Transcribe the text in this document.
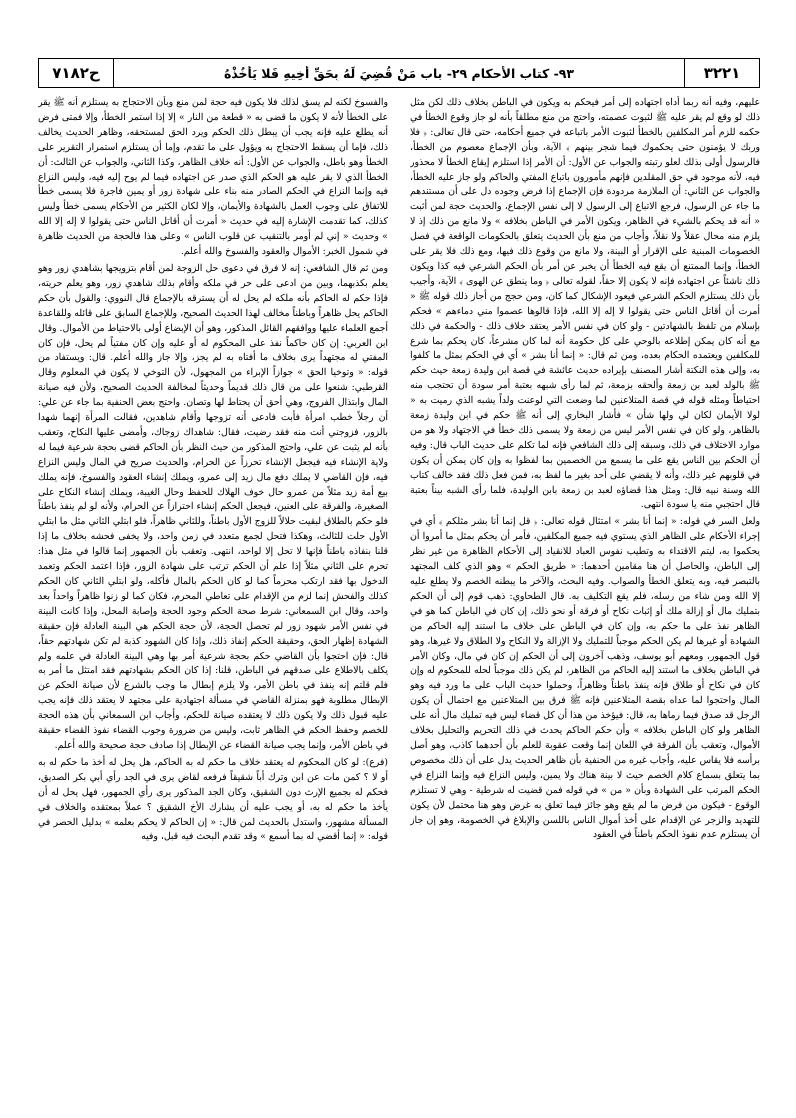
٣٢٢١
٩٣- كتاب الأحكام ٢٩- باب مَنْ قُضِيَ لَهُ بِحَقِّ أَخِيهِ فَلا يَأْخُذْهُ
ح٧١٨٢

عليهم، وفيه أنه ربما أداه اجتهاده إلى أمر فيحكم به ويكون في الباطن بخلاف ذلك لكن مثل ذلك لو وقع لم يقر عليه ﷺ لثبوت عصمته، واحتج من منع مطلقاً بأنه لو جاز وقوع الخطأ في حكمه للزم أمر المكلفين بالخطأ لثبوت الأمر باتباعه في جميع أحكامه، حتى قال تعالى: ﴿ فلا وربك لا يؤمنون حتى يحكموك فيما شجر بينهم ﴾ الآية، وبأن الإجماع معصوم من الخطأ، فالرسول أولى بذلك لعلو رتبته والجواب عن الأول: أن الأمر إذا استلزم إيقاع الخطأ لا محذور فيه، لأنه موجود في حق المقلدين فإنهم مأمورون باتباع المفتي والحاكم ولو جاز عليه الخطأ، والجواب عن الثاني: أن الملازمة مردودة فإن الإجماع إذا فرض وجوده دل على أن مستندهم ما جاء عن الرسول، فرجع الاتباع إلى الرسول لا إلى نفس الإجماع، والحديث حجة لمن أثبت « أنه قد يحكم بالشيء في الظاهر، ويكون الأمر في الباطن بخلافه » ولا مانع من ذلك إذ لا يلزم منه محال عقلاً ولا نقلاً، وأجاب من منع بأن الحديث يتعلق بالحكومات الواقعة في فصل الخصومات المبنية على الإقرار أو البينة، ولا مانع من وقوع ذلك فيها، ومع ذلك فلا يقر على الخطأ، وإنما الممتنع أن يقع فيه الخطأ أن يخبر عن أمر بأن الحكم الشرعي فيه كذا ويكون ذلك ناشئاً عن اجتهاده فإنه لا يكون إلا حقاً، لقوله تعالى ﴿ وما ينطق عن الهوى ﴾ الآية، وأجيب بأن ذلك يستلزم الحكم الشرعي فيعود الإشكال كما كان، ومن حجج من أجاز ذلك قوله ﷺ « أمرت أن أقاتل الناس حتى يقولوا لا إله إلا الله، فإذا قالوها عصموا مني دماءهم » فحكم بإسلام من تلفظ بالشهادتين - ولو كان في نفس الأمر يعتقد خلاف ذلك - والحكمة في ذلك مع أنه كان يمكن إطلاعه بالوحي على كل حكومة أنه لما كان مشرعاً، كان يحكم بما شرع للمكلفين ويعتمده الحكام بعده، ومن ثم قال: « إنما أنا بشر » أي في الحكم بمثل ما كلفوا به، وإلى هذه النكتة أشار المصنف بإيراده حديث عائشة في قصة ابن وليدة زمعة حيث حكم ﷺ بالولد لعبد بن زمعة وألحقه بزمعة، ثم لما رأى شبهه بعتبة أمر سودة أن تحتجب منه احتياطاً ومثله قوله في قصة المتلاعنين لما وضعت التي لوعنت ولداً يشبه الذي رميت به « لولا الأيمان لكان لي ولها شأن » فأشار البخاري إلى أنه ﷺ حكم في ابن وليدة زمعة بالظاهر، ولو كان في نفس الأمر ليس من زمعة ولا يسمى ذلك خطأ في الاجتهاد ولا هو من موارد الاختلاف في ذلك، وسبقه إلى ذلك الشافعي فإنه لما تكلم على حديث الباب قال: وفيه أن الحكم بين الناس يقع على ما يسمع من الخصمين بما لفظوا به وإن كان يمكن أن يكون في قلوبهم غير ذلك، وأنه لا يقضي على أحد بغير ما لفظ به، فمن فعل ذلك فقد خالف كتاب الله وسنة نبيه قال: ومثل هذا قضاؤه لعبد بن زمعة بابن الوليدة، فلما رأى الشبه بيناً بعتبة قال احتجبي منه يا سودة انتهى.

ولعل السر في قوله: « إنما أنا بشر » امتثال قوله تعالى: ﴿ قل إنما أنا بشر مثلكم ﴾ أي في إجراء الأحكام على الظاهر الذي يستوي فيه جميع المكلفين، فأمر أن يحكم بمثل ما أمروا أن يحكموا به، ليتم الاقتداء به وتطيب نفوس العباد للانقياد إلى الأحكام الظاهرة من غير نظر إلى الباطن، والحاصل أن هنا مقامين أحدهما: « طريق الحكم » وهو الذي كلف المجتهد بالتبصر فيه، وبه يتعلق الخطأ والصواب. وفيه البحث، والآخر ما يبطنه الخصم ولا يطلع عليه إلا الله ومن شاء من رسله، فلم يقع التكليف به. قال الطحاوي: ذهب قوم إلى أن الحكم بتمليك مال أو إزالة ملك أو إثبات نكاح أو فرقة أو نحو ذلك، إن كان في الباطن كما هو في الظاهر نفذ على ما حكم به، وإن كان في الباطن على خلاف ما استند إليه الحاكم من الشهادة أو غيرها لم يكن الحكم موجباً للتمليك ولا الإزالة ولا النكاح ولا الطلاق ولا غيرها، وهو قول الجمهور، ومعهم أبو يوسف، وذهب آخرون إلى أن الحكم إن كان في مال، وكان الأمر في الباطن بخلاف ما استند إليه الحاكم من الظاهر، لم يكن ذلك موجباً لحله للمحكوم له وإن كان في نكاح أو طلاق فإنه ينفذ باطناً وظاهراً، وحملوا حديث الباب على ما ورد فيه وهو المال واحتجوا لما عداه بقصة المتلاعنين فإنه ﷺ فرق بين المتلاعنين مع احتمال أن يكون الرجل قد صدق فيما رماها به، قال: فيؤخذ من هذا أن كل قضاء ليس فيه تمليك مال أنه على الظاهر ولو كان الباطن بخلافه » وأن حكم الحاكم يحدث في ذلك التحريم والتحليل بخلاف الأموال، وتعقب بأن الفرقة في اللعان إنما وقعت عقوبة للعلم بأن أحدهما كاذب، وهو أصل برأسه فلا يقاس عليه، وأجاب غيره من الحنفية بأن ظاهر الحديث يدل على أن ذلك مخصوص بما يتعلق بسماع كلام الخصم حيث لا بينة هناك ولا يمين، وليس النزاع فيه وإنما النزاع في الحكم المرتب على الشهادة وبأن « من » في قوله فمن قضيت له شرطية - وهي لا تستلزم الوقوع - فيكون من فرض ما لم يقع وهو جائز فيما تعلق به غرض وهو هنا محتمل لأن يكون للتهديد والزجر عن الإقدام على أخذ أموال الناس باللسن والإبلاغ في الخصومة، وهو إن جاز أن يستلزم عدم نفوذ الحكم باطناً في العقود

والفسوخ لكنه لم يسق لذلك فلا يكون فيه حجة لمن منع وبأن الاحتجاج به يستلزم أنه ﷺ يقر على الخطأ لأنه لا يكون ما قضى به « قطعة من النار » إلا إذا استمر الخطأ، وإلا فمتى فرض أنه يطلع عليه فإنه يجب أن يبطل ذلك الحكم ويرد الحق لمستحقه، وظاهر الحديث يخالف ذلك، فإما أن يسقط الاحتجاج به ويؤول على ما تقدم، وإما أن يستلزم استمرار التقرير على الخطأ وهو باطل، والجواب عن الأول: أنه خلاف الظاهر، وكذا الثاني، والجواب عن الثالث: أن الخطأ الذي لا يقر عليه هو الحكم الذي صدر عن اجتهاده فيما لم يوح إليه فيه، وليس النزاع فيه وإنما النزاع في الحكم الصادر منه بناء على شهادة زور أو يمين فاجرة فلا يسمى خطأ للاتفاق على وجوب العمل بالشهادة والأيمان، وإلا لكان الكثير من الأحكام يسمى خطأ وليس كذلك، كما تقدمت الإشارة إليه في حديث « أمرت أن أقاتل الناس حتى يقولوا لا إله إلا الله » وحديث « إني لم أومر بالتنقيب عن قلوب الناس » وعلى هذا فالحجة من الحديث ظاهرة في شمول الخبر: الأموال والعقود والفسوخ والله أعلم.

ومن ثم قال الشافعي: إنه لا فرق في دعوى حل الزوجة لمن أقام بتزويجها بشاهدي زور وهو يعلم بكذبهما، وبين من ادعى على حر في ملكه وأقام بذلك شاهدي زور، وهو يعلم حريته، فإذا حكم له الحاكم بأنه ملكه لم يحل له أن يسترقه بالإجماع قال النووي: والقول بأن حكم الحاكم يحل ظاهراً وباطناً مخالف لهذا الحديث الصحيح، وللإجماع السابق على قائله وللقاعدة أجمع العلماء عليها ووافقهم القائل المذكور، وهو أن الإبضاع أولى بالاحتياط من الأموال. وقال ابن العربي: إن كان حاكماً نفذ على المحكوم له أو عليه وإن كان مفتياً لم يحل، فإن كان المفتي له مجتهداً يرى بخلاف ما أفتاه به لم يجز، وإلا جاز والله أعلم. قال: ويستفاد من قوله: « وتوخيا الحق » جوازاً الإبراء من المجهول، لأن التوخي لا يكون في المعلوم وقال القرطبي: شنعوا على من قال ذلك قديماً وحديثاً لمخالفة الحديث الصحيح، ولأن فيه صيانة المال وابتذال الفروج، وهي أحق أن يحتاط لها وتصان. واحتج بعض الحنفية بما جاء عن علي: أن رجلاً خطب امرأة فأبت فادعى أنه تزوجها وأقام شاهدين، فقالت المرأة إنهما شهدا بالزور، فزوجني أنت منه فقد رضيت، فقال: شاهداك زوجاك، وأمضى عليها النكاح، وتعقب بأنه لم يثبت عن علي، واحتج المذكور من حيث النظر بأن الحاكم قضى بحجة شرعية فيما له ولاية الإنشاء فيه فيجعل الإنشاء تحرزاً عن الحرام، والحديث صريح في المال وليس النزاع فيه، فإن القاضي لا يملك دفع مال زيد إلى عمرو، ويملك إنشاء العقود والفسوخ، فإنه يملك بيع أمة زيد مثلاً من عمرو حال خوف الهلاك للحفظ وحال الغيبة، ويملك إنشاء النكاح على الصغيرة، والفرقة على العنين، فيجعل الحكم إنشاء احترازاً عن الحرام، ولأنه لو لم ينفذ باطناً فلو حكم بالطلاق لبقيت حلالاً للزوج الأول باطناً، وللثاني ظاهراً، فلو ابتلي الثاني مثل ما ابتلي الأول حلت للثالث، وهكذا فتحل لجمع متعدد في زمن واحد، ولا يخفى فحشه بخلاف ما إذا قلنا بنفاذه باطناً فإنها لا تحل إلا لواحد، انتهى. وتعقب بأن الجمهور إنما قالوا في مثل هذا: تحرم على الثاني مثلاً إذا علم أن الحكم ترتب على شهادة الزور، فإذا اعتمد الحكم وتعمد الدخول بها فقد ارتكب محرماً كما لو كان الحكم بالمال فأكله، ولو ابتلي الثاني كان الحكم كذلك والفحش إنما لزم من الإقدام على تعاطي المحرم، فكان كما لو زنوا ظاهراً واحداً بعد واحد، وقال ابن السمعاني: شرط صحة الحكم وجود الحجة وإصابة المحل، وإذا كانت البينة في نفس الأمر شهود زور لم تحصل الحجة، لأن حجة الحكم هي البينة العادلة فإن حقيقة الشهادة إظهار الحق، وحقيقة الحكم إنفاذ ذلك، وإذا كان الشهود كذبة لم تكن شهادتهم حقاً، قال: فإن احتجوا بأن القاضي حكم بحجة شرعية أمر بها وهي البينة العادلة في علمه ولم يكلف بالاطلاع على صدقهم في الباطن، قلنا: إذا كان الحكم بشهادتهم فقد امتثل ما أمر به فلم قلتم إنه ينفذ في باطن الأمر، ولا يلزم إبطال ما وجب بالشرع لأن صيانة الحكم عن الإبطال مطلوبة فهو بمنزلة القاضي في مسألة اجتهادية على مجتهد لا يعتقد ذلك فإنه يجب عليه قبول ذلك ولا يكون ذلك لا يعتقده صيانة للحكم، وأجاب ابن السمعاني بأن هذه الحجة للخصم وحفظ الحكم في الظاهر ثابت، وليس من ضرورة وجوب القضاء نفوذ القضاء حقيقة في باطن الأمر، وإنما يجب صيانة القضاء عن الإبطال إذا صادف حجة صحيحة والله أعلم.

(فرع): لو كان المحكوم له يعتقد خلاف ما حكم له به الحاكم، هل يحل له أخذ ما حكم له به أو لا ؟ كمن مات عن ابن وترك أباً شقيقاً فرفعه لقاض يرى في الجد رأي أبي بكر الصديق، فحكم له بجميع الإرث دون الشقيق، وكان الجد المذكور يرى رأي الجمهور، فهل يحل له أن يأخذ ما حكم له به، أو يجب عليه أن يشارك الأخ الشقيق ؟ عملاً بمعتقده والخلاف في المسألة مشهور، واستدل بالحديث لمن قال: « إن الحاكم لا يحكم بعلمه » بدليل الحصر في قوله: « إنما أقضي له بما أسمع » وقد تقدم البحث فيه قبل، وفيه
